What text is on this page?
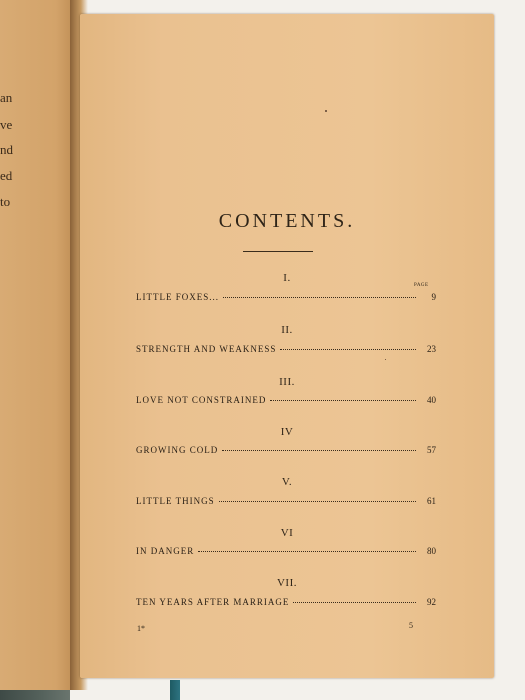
an
ve
nd
ed
to
CONTENTS.
PAGE
I.
LITTLE FOXES...	9
II.
STRENGTH AND WEAKNESS	23
III.
LOVE NOT CONSTRAINED	40
IV
GROWING COLD	57
V.
LITTLE THINGS	61
VI
IN DANGER	80
VII.
TEN YEARS AFTER MARRIAGE	92
1*	5
